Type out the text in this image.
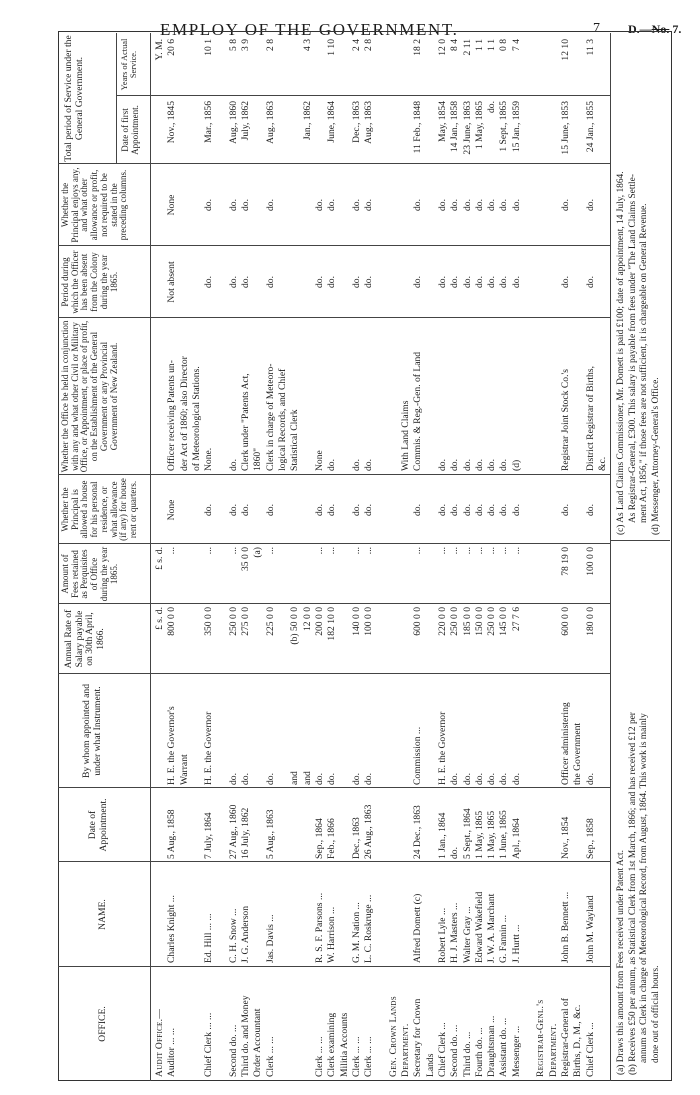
EMPLOY OF THE GOVERNMENT.	7 D.—No. 7.
OFFICE.
NAME.
Date of Appointment.
By whom appointed and under what Instrument.
Annual Rate of Salary payable on 30th April, 1866.
Amount of Fees retained as Perquisites of Office during the year 1865.
Whether the Principal is allowed a house for his personal residence, or what allowance (if any) for house rent or quarters.
Whether the Office be held in conjunction with any and what other Civil or Military Office, or Appointment, or place of profit, on the Establishment of the General Government or any Provincial Government of New Zealand.
Period during which the Officer has been absent from the Colony during the year 1865.
Whether the Principal enjoys any, and what other allowance or profit, not required to be stated in the preceding columns.
Total period of Service under the General Government.	Date of first Appointment.
Years of Actual Service.
Audit Office.—
£ s. d.
£ s. d.
Y. M.
Auditor ... ...
Charles Knight ...
5 Aug., 1858
H. E. the Governor's
800 0 0
...
None
Officer receiving Patents un-
Not absent
None
Nov., 1845
20 6
Warrant
der Act of 1860; also Director of Meteorological Stations.
Chief Clerk ... ...
Ed. Hill ... ...
7 July, 1864
H. E. the Governor
350 0 0
...
do.
None.
do.
do.
Mar., 1856
10 1
Second do. ...
C. H. Snow ...
27 Aug., 1860
do.
250 0 0
...
do.
do.
do.
do.
Aug., 1860
5 8
Third do. and Money
J. G. Anderson
16 July, 1862
do.
275 0 0
35 0 0
do.
Clerk under "Patents Act,
do.
do.
July, 1862
3 9
Order Accountant
(a)
1860"
Clerk ... ...
Jas. Davis ...
5 Aug., 1863
do.
225 0 0
...
do.
Clerk in charge of Meteoro-
do.
do.
Aug., 1863
2 8
logical Records, and Chief
and
(b) 50 0 0
Statistical Clerk
and
12 0 0
Jan., 1862
4 3
Clerk ... ...
R. S. F. Parsons ...
Sep., 1864
do.
200 0 0
...
do.
None
do.
do.
Clerk examining
W. Harrison ...
Feb., 1866
do.
182 10 0
...
do.
do.
do.
do.
June, 1864
1 10
Militia Accounts Clerk ... ...
G. M. Nation ...
Dec., 1863
do.
140 0 0
...
do.
do.
do.
do.
Dec., 1863
2 4
Clerk ... ...
L. C. Roskruge ...
26 Aug., 1863
do.
100 0 0
...
do.
do.
do.
do.
Aug., 1863
2 8
Gen. Crown Lands Department.
With Land Claims
Secretary for Crown
Alfred Domett (c)
24 Dec., 1863
Commission ...
600 0 0
...
do.
Commis. & Reg.-Gen. of Land
do.
do.
11 Feb., 1848
18 2
Lands Chief Clerk ...
Robert Lyle ...
1 Jan., 1864
H. E. the Governor
220 0 0
...
do.
do.
do.
do.
May, 1854
12 0
Second do. ...
H. J. Masters ...
do.
do.
250 0 0
...
do.
do.
do.
do.
14 Jan., 1858
8 4
Third do. ...
Walter Gray ...
5 Sept., 1864
do.
185 0 0
...
do.
do.
do.
do.
23 June, 1863
2 11
Fourth do. ...
Edward Wakefield
1 May, 1865
do.
150 0 0
...
do.
do.
do.
do.
1 May, 1865
1 1
Draughtsman ...
J. W. A. Marchant
1 May, 1865
do.
250 0 0
...
do.
do.
do.
do.
do.
1 1
Assistant do. ...
G. Fannin ...
1 June, 1865
do.
145 0 0
...
do.
do.
do.
do.
1 Sept., 1865
0 8
Messenger ...
J. Hurtt ...
Apl., 1864
do.
27 7 6
...
do.
(d)
do.
do.
15 Jan., 1859
7 4
Registrar-Genl.'s Department. Registrar-General of
John B. Bennett ...
Nov., 1854
Officer administering
600 0 0
78 19 0
do.
Registrar Joint Stock Co.'s
do.
do.
15 June, 1853
12 10
Births, D., M., &c.
the Government
Chief Clerk ...
John M. Wayland
Sep., 1858
do.
180 0 0
100 0 0
do.
District Registrar of Births,
do.
do.
24 Jan., 1855
11 3
&c.
(a) Draws this amount from Fees received under Patent Act. (b) Receives £50 per annum, as Statistical Clerk from 1st March, 1866; and has received £12 per annum as Clerk in charge of Meteorological Record, from August, 1864. This work is mainly done out of official hours.
(c) As Land Claims Commissioner, Mr. Domett is paid £100; date of appointment, 14 July, 1864. As Registrar-General, £300. This salary is payable from fees under "The Land Claims Settle- ment Act, 1856," if those fees are not sufficient, it is chargeable on General Revenue. (d) Messenger, Attorney-General's Office.
